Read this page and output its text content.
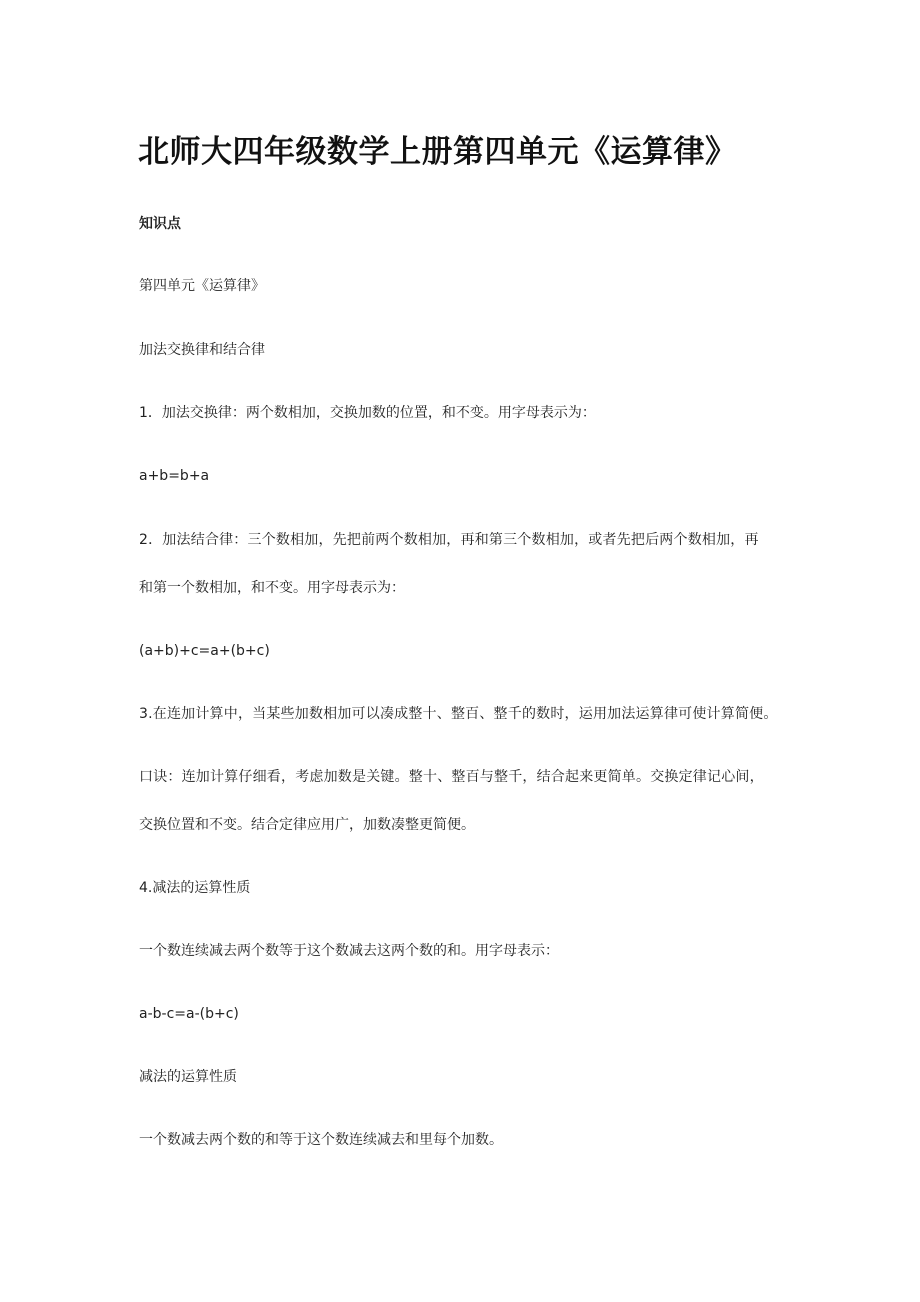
北师大四年级数学上册第四单元《运算律》

知识点

第四单元《运算律》

加法交换律和结合律

1．加法交换律：两个数相加，交换加数的位置，和不变。用字母表示为：

a+b=b+a

2．加法结合律：三个数相加，先把前两个数相加，再和第三个数相加，或者先把后两个数相加，再

和第一个数相加，和不变。用字母表示为：

(a+b)+c=a+(b+c)

3.在连加计算中，当某些加数相加可以凑成整十、整百、整千的数时，运用加法运算律可使计算简便。

口诀：连加计算仔细看，考虑加数是关键。整十、整百与整千，结合起来更简单。交换定律记心间，

交换位置和不变。结合定律应用广，加数凑整更简便。

4.减法的运算性质

一个数连续减去两个数等于这个数减去这两个数的和。用字母表示：

a-b-c=a-(b+c)

减法的运算性质

一个数减去两个数的和等于这个数连续减去和里每个加数。
